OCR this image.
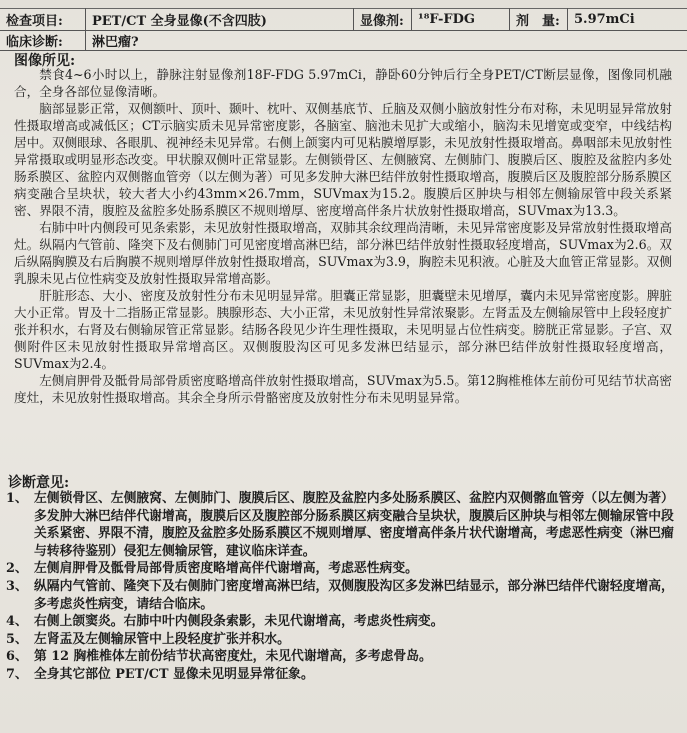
检查项目: PET/CT 全身显像(不含四肢)	显像剂: ¹⁸F-FDG	剂　量: 5.97mCi
临床诊断: 淋巴瘤?
图像所见:

禁食4~6小时以上，静脉注射显像剂18F-FDG 5.97mCi，静卧60分钟后行全身PET/CT断层显像，图像同机融合，全身各部位显像清晰。

脑部显影正常，双侧额叶、顶叶、颞叶、枕叶、双侧基底节、丘脑及双侧小脑放射性分布对称，未见明显异常放射性摄取增高或减低区；CT示脑实质未见异常密度影，各脑室、脑池未见扩大或缩小，脑沟未见增宽或变窄，中线结构居中。双侧眼球、各眼肌、视神经未见异常。右侧上颌窦内可见粘膜增厚影，未见放射性摄取增高。鼻咽部未见放射性异常摄取或明显形态改变。甲状腺双侧叶正常显影。左侧锁骨区、左侧腋窝、左侧肺门、腹膜后区、腹腔及盆腔内多处肠系膜区、盆腔内双侧髂血管旁（以左侧为著）可见多发肿大淋巴结伴放射性摄取增高，腹膜后区及腹腔部分肠系膜区病变融合呈块状，较大者大小约43mm×26.7mm，SUVmax为15.2。腹膜后区肿块与相邻左侧输尿管中段关系紧密、界限不清，腹腔及盆腔多处肠系膜区不规则增厚、密度增高伴条片状放射性摄取增高，SUVmax为13.3。

右肺中叶内侧段可见条索影，未见放射性摄取增高，双肺其余纹理尚清晰，未见异常密度影及异常放射性摄取增高灶。纵隔内气管前、隆突下及右侧肺门可见密度增高淋巴结，部分淋巴结伴放射性摄取轻度增高，SUVmax为2.6。双后纵隔胸膜及右后胸膜不规则增厚伴放射性摄取增高，SUVmax为3.9，胸腔未见积液。心脏及大血管正常显影。双侧乳腺未见占位性病变及放射性摄取异常增高影。

肝脏形态、大小、密度及放射性分布未见明显异常。胆囊正常显影，胆囊壁未见增厚，囊内未见异常密度影。脾脏大小正常。胃及十二指肠正常显影。胰腺形态、大小正常，未见放射性异常浓聚影。左肾盂及左侧输尿管中上段轻度扩张并积水，右肾及右侧输尿管正常显影。结肠各段见少许生理性摄取，未见明显占位性病变。膀胱正常显影。子宫、双侧附件区未见放射性摄取异常增高区。双侧腹股沟区可见多发淋巴结显示，部分淋巴结伴放射性摄取轻度增高，SUVmax为2.4。

左侧肩胛骨及骶骨局部骨质密度略增高伴放射性摄取增高，SUVmax为5.5。第12胸椎椎体左前份可见结节状高密度灶，未见放射性摄取增高。其余全身所示骨骼密度及放射性分布未见明显异常。

诊断意见:
1、 左侧锁骨区、左侧腋窝、左侧肺门、腹膜后区、腹腔及盆腔内多处肠系膜区、盆腔内双侧髂血管旁（以左侧为著）多发肿大淋巴结伴代谢增高，腹膜后区及腹腔部分肠系膜区病变融合呈块状，腹膜后区肿块与相邻左侧输尿管中段关系紧密、界限不清，腹腔及盆腔多处肠系膜区不规则增厚、密度增高伴条片状代谢增高，考虑恶性病变（淋巴瘤与转移待鉴别）侵犯左侧输尿管，建议临床详查。
2、 左侧肩胛骨及骶骨局部骨质密度略增高伴代谢增高，考虑恶性病变。
3、 纵隔内气管前、隆突下及右侧肺门密度增高淋巴结，双侧腹股沟区多发淋巴结显示，部分淋巴结伴代谢轻度增高，多考虑炎性病变，请结合临床。
4、 右侧上颌窦炎。右肺中叶内侧段条索影，未见代谢增高，考虑炎性病变。
5、 左肾盂及左侧输尿管中上段轻度扩张并积水。
6、 第 12 胸椎椎体左前份结节状高密度灶，未见代谢增高，多考虑骨岛。
7、 全身其它部位 PET/CT 显像未见明显异常征象。
